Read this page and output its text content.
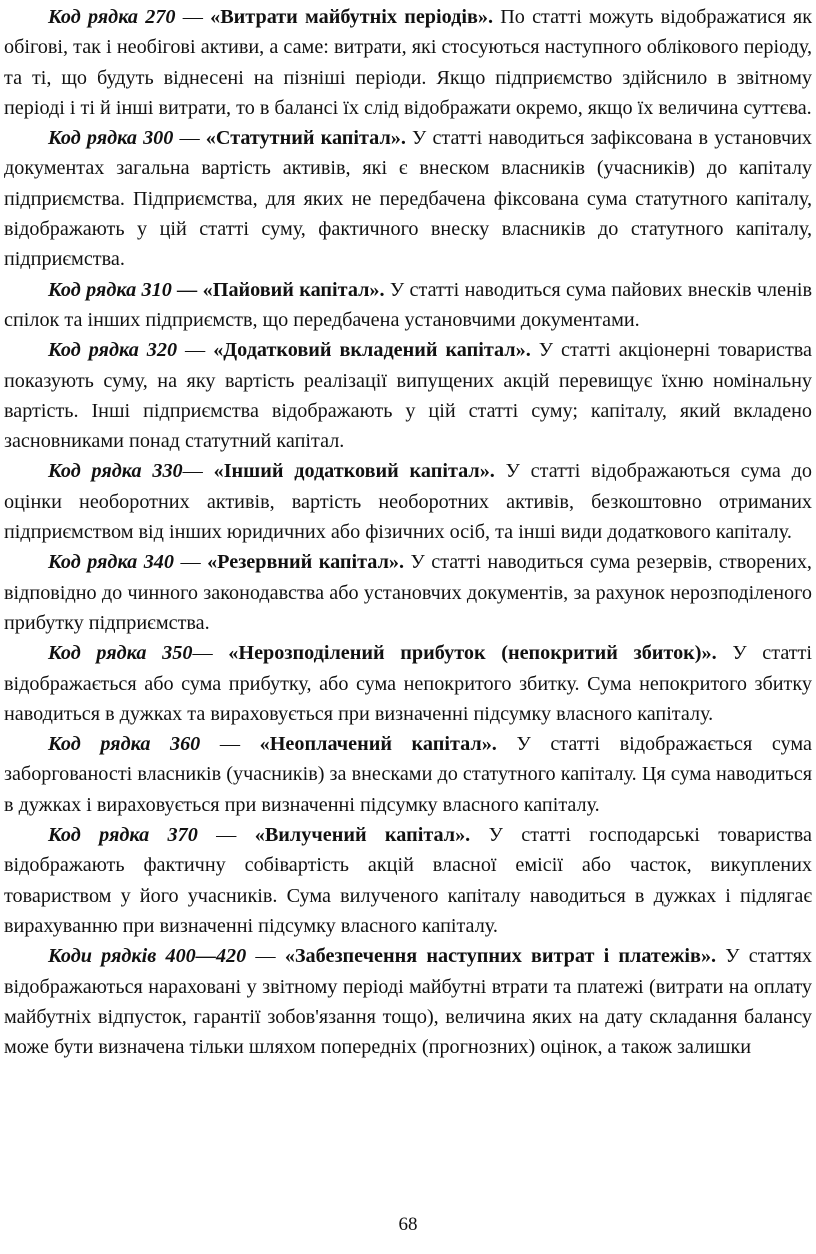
Код рядка 270 — «Витрати майбутніх періодів». По статті можуть відображатися як обігові, так і необігові активи, а саме: витрати, які стосуються наступного облікового періоду, та ті, що будуть віднесені на пізніші періоди. Якщо підприємство здійснило в звітному періоді і ті й інші витрати, то в балансі їх слід відображати окремо, якщо їх величина суттєва.

Код рядка 300 — «Статутний капітал». У статті наводиться зафіксована в установчих документах загальна вартість активів, які є внеском власників (учасників) до капіталу підприємства. Підприємства, для яких не передбачена фіксована сума статутного капіталу, відображають у цій статті суму, фактичного внеску власників до статутного капіталу, підприємства.

Код рядка 310 — «Пайовий капітал». У статті наводиться сума пайових внесків членів спілок та інших підприємств, що передбачена установчими документами.

Код рядка 320 — «Додатковий вкладений капітал». У статті акціонерні товариства показують суму, на яку вартість реалізації випущених акцій перевищує їхню номінальну вартість. Інші підприємства відображають у цій статті суму; капіталу, який вкладено засновниками понад статутний капітал.

Код рядка 330— «Інший додатковий капітал». У статті відображаються сума до оцінки необоротних активів, вартість необоротних активів, безкоштовно отриманих підприємством від інших юридичних або фізичних осіб, та інші види додаткового капіталу.

Код рядка 340 — «Резервний капітал». У статті наводиться сума резервів, створених, відповідно до чинного законодавства або установчих документів, за рахунок нерозподіленого прибутку підприємства.

Код рядка 350— «Нерозподілений прибуток (непокритий збиток)». У статті відображається або сума прибутку, або сума непокритого збитку. Сума непокритого збитку наводиться в дужках та вираховується при визначенні підсумку власного капіталу.

Код рядка 360 — «Неоплачений капітал». У статті відображається сума заборгованості власників (учасників) за внесками до статутного капіталу. Ця сума наводиться в дужках і вираховується при визначенні підсумку власного капіталу.

Код рядка 370 — «Вилучений капітал». У статті господарські товариства відображають фактичну собівартість акцій власної емісії або часток, викуплених товариством у його учасників. Сума вилученого капіталу наводиться в дужках і підлягає вирахуванню при визначенні підсумку власного капіталу.

Коди рядків 400—420 — «Забезпечення наступних витрат і платежів». У статтях відображаються нараховані у звітному періоді майбутні втрати та платежі (витрати на оплату майбутніх відпусток, гарантії зобов'язання тощо), величина яких на дату складання балансу може бути визначена тільки шляхом попередніх (прогнозних) оцінок, а також залишки

68
